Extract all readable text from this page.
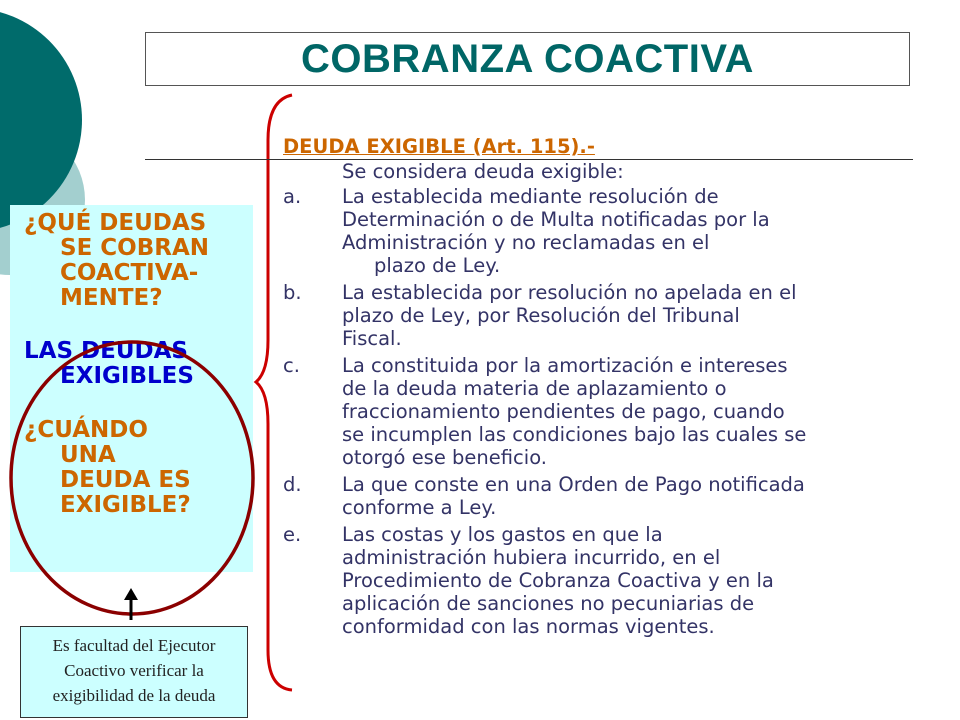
COBRANZA COACTIVA
¿QUÉ DEUDAS
SE COBRAN
COACTIVA-
MENTE?
LAS DEUDAS
EXIGIBLES
¿CUÁNDO
UNA
DEUDA ES
EXIGIBLE?
Es facultad del Ejecutor
Coactivo verificar la
exigibilidad de la deuda

DEUDA EXIGIBLE (Art. 115).-

Se considera deuda exigible:

a. La establecida mediante resolución de
Determinación o de Multa notificadas por la
Administración y no reclamadas en el
plazo de Ley.
b. La establecida por resolución no apelada en el
plazo de Ley, por Resolución del Tribunal
Fiscal.
c. La constituida por la amortización e intereses
de la deuda materia de aplazamiento o
fraccionamiento pendientes de pago, cuando
se incumplen las condiciones bajo las cuales se
otorgó ese beneficio.
d. La que conste en una Orden de Pago notificada
conforme a Ley.
e. Las costas y los gastos en que la
administración hubiera incurrido, en el
Procedimiento de Cobranza Coactiva y en la
aplicación de sanciones no pecuniarias de
conformidad con las normas vigentes.
